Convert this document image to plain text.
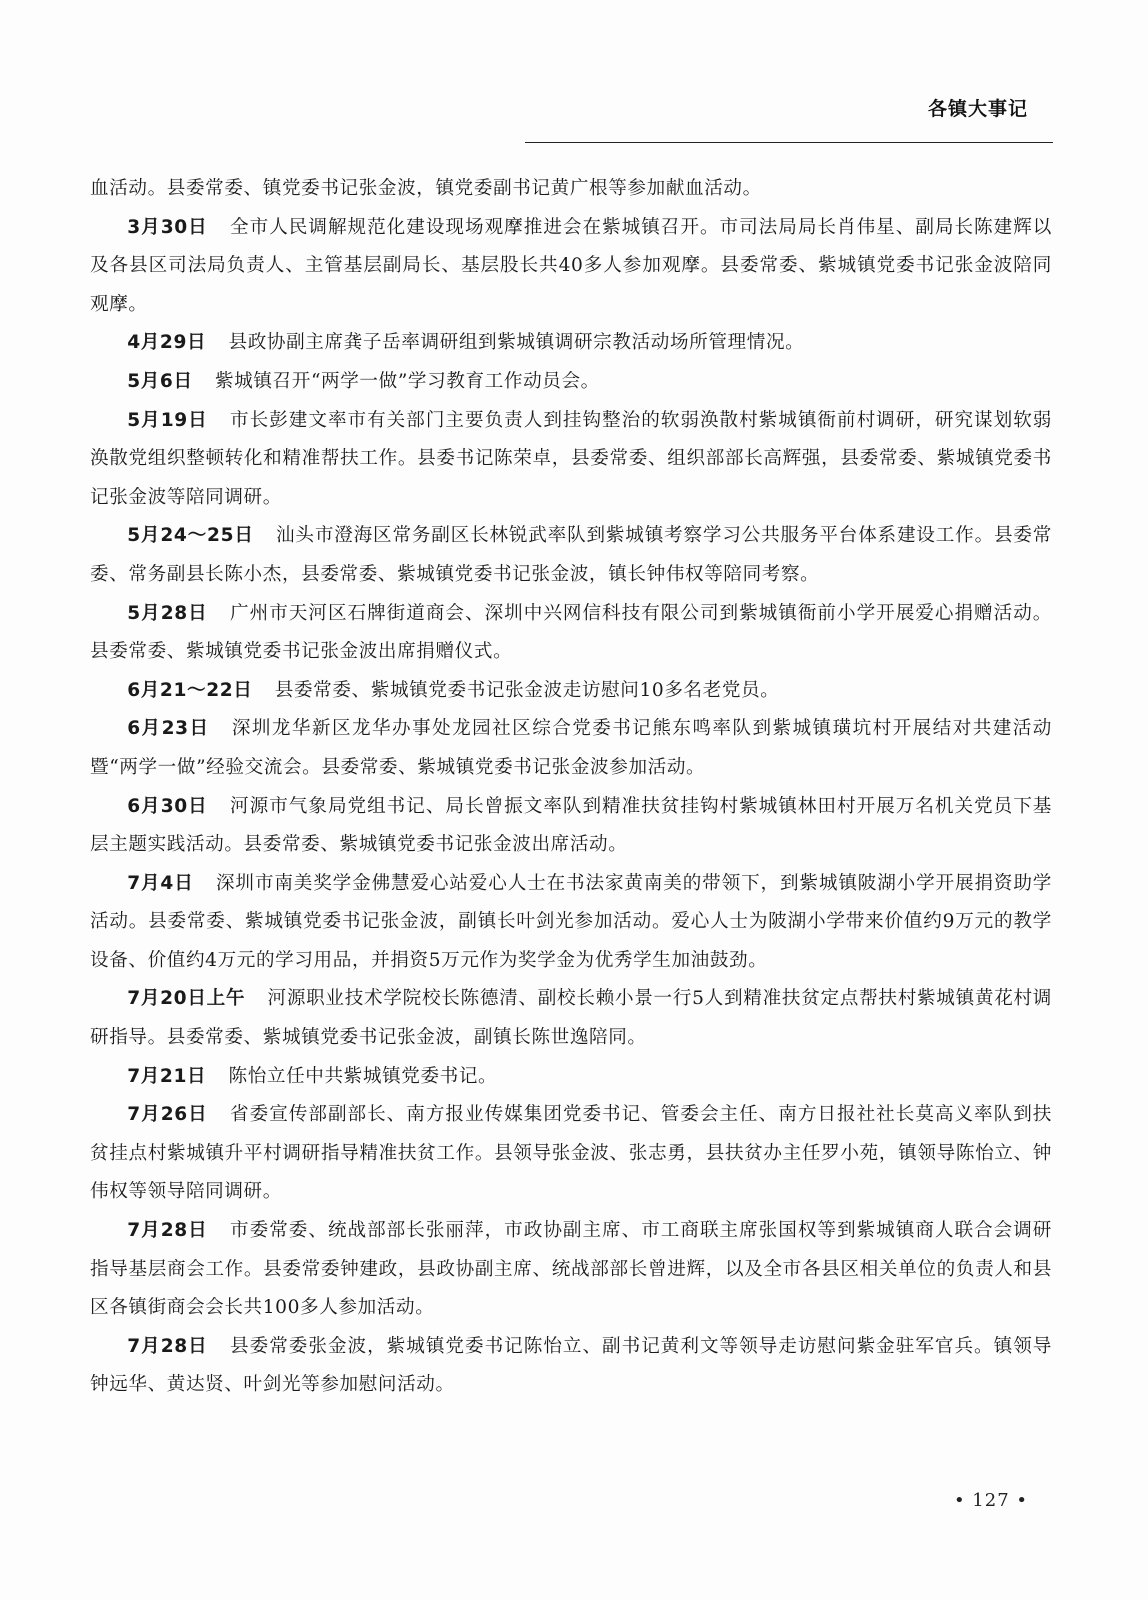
各镇大事记

血活动。县委常委、镇党委书记张金波，镇党委副书记黄广根等参加献血活动。

3月30日 全市人民调解规范化建设现场观摩推进会在紫城镇召开。市司法局局长肖伟星、副局长陈建辉以及各县区司法局负责人、主管基层副局长、基层股长共40多人参加观摩。县委常委、紫城镇党委书记张金波陪同观摩。

4月29日 县政协副主席龚子岳率调研组到紫城镇调研宗教活动场所管理情况。

5月6日 紫城镇召开“两学一做”学习教育工作动员会。

5月19日 市长彭建文率市有关部门主要负责人到挂钩整治的软弱涣散村紫城镇衙前村调研，研究谋划软弱涣散党组织整顿转化和精准帮扶工作。县委书记陈荣卓，县委常委、组织部部长高辉强，县委常委、紫城镇党委书记张金波等陪同调研。

5月24～25日 汕头市澄海区常务副区长林锐武率队到紫城镇考察学习公共服务平台体系建设工作。县委常委、常务副县长陈小杰，县委常委、紫城镇党委书记张金波，镇长钟伟权等陪同考察。

5月28日 广州市天河区石牌街道商会、深圳中兴网信科技有限公司到紫城镇衙前小学开展爱心捐赠活动。县委常委、紫城镇党委书记张金波出席捐赠仪式。

6月21～22日 县委常委、紫城镇党委书记张金波走访慰问10多名老党员。

6月23日 深圳龙华新区龙华办事处龙园社区综合党委书记熊东鸣率队到紫城镇璜坑村开展结对共建活动暨“两学一做”经验交流会。县委常委、紫城镇党委书记张金波参加活动。

6月30日 河源市气象局党组书记、局长曾振文率队到精准扶贫挂钩村紫城镇林田村开展万名机关党员下基层主题实践活动。县委常委、紫城镇党委书记张金波出席活动。

7月4日 深圳市南美奖学金佛慧爱心站爱心人士在书法家黄南美的带领下，到紫城镇陂湖小学开展捐资助学活动。县委常委、紫城镇党委书记张金波，副镇长叶剑光参加活动。爱心人士为陂湖小学带来价值约9万元的教学设备、价值约4万元的学习用品，并捐资5万元作为奖学金为优秀学生加油鼓劲。

7月20日上午 河源职业技术学院校长陈德清、副校长赖小景一行5人到精准扶贫定点帮扶村紫城镇黄花村调研指导。县委常委、紫城镇党委书记张金波，副镇长陈世逸陪同。

7月21日 陈怡立任中共紫城镇党委书记。

7月26日 省委宣传部副部长、南方报业传媒集团党委书记、管委会主任、南方日报社社长莫高义率队到扶贫挂点村紫城镇升平村调研指导精准扶贫工作。县领导张金波、张志勇，县扶贫办主任罗小苑，镇领导陈怡立、钟伟权等领导陪同调研。

7月28日 市委常委、统战部部长张丽萍，市政协副主席、市工商联主席张国权等到紫城镇商人联合会调研指导基层商会工作。县委常委钟建政，县政协副主席、统战部部长曾进辉，以及全市各县区相关单位的负责人和县区各镇街商会会长共100多人参加活动。

7月28日 县委常委张金波，紫城镇党委书记陈怡立、副书记黄利文等领导走访慰问紫金驻军官兵。镇领导钟远华、黄达贤、叶剑光等参加慰问活动。

• 127 •
